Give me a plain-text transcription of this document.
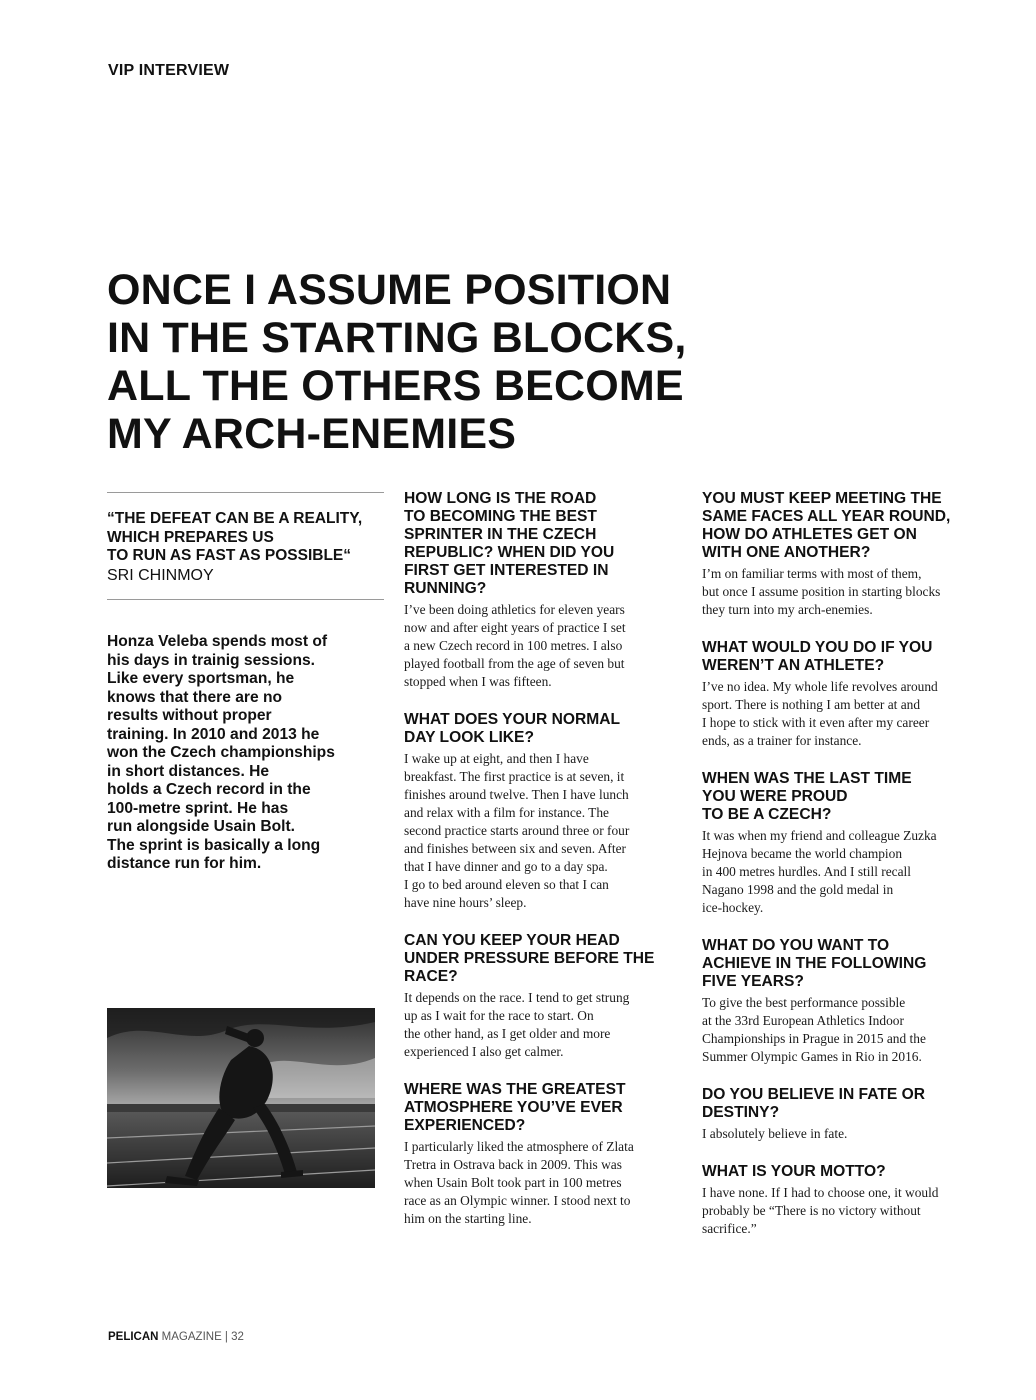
VIP INTERVIEW
ONCE I ASSUME POSITION
IN THE STARTING BLOCKS,
ALL THE OTHERS BECOME
MY ARCH-ENEMIES

“THE DEFEAT CAN BE A REALITY,
WHICH PREPARES US
TO RUN AS FAST AS POSSIBLE“

SRI CHINMOY

Honza Veleba spends most of
his days in trainig sessions.
Like every sportsman, he
knows that there are no
results without proper
training. In 2010 and 2013 he
won the Czech championships
in short distances. He
holds a Czech record in the
100-metre sprint. He has
run alongside Usain Bolt.
The sprint is basically a long
distance run for him.

HOW LONG IS THE ROAD
TO BECOMING THE BEST
SPRINTER IN THE CZECH
REPUBLIC? WHEN DID YOU
FIRST GET INTERESTED IN
RUNNING?

I’ve been doing athletics for eleven years
now and after eight years of practice I set
a new Czech record in 100 metres. I also
played football from the age of seven but
stopped when I was fifteen.

WHAT DOES YOUR NORMAL
DAY LOOK LIKE?

I wake up at eight, and then I have
breakfast. The first practice is at seven, it
finishes around twelve. Then I have lunch
and relax with a film for instance. The
second practice starts around three or four
and finishes between six and seven. After
that I have dinner and go to a day spa.
I go to bed around eleven so that I can
have nine hours’ sleep.

CAN YOU KEEP YOUR HEAD
UNDER PRESSURE BEFORE THE
RACE?

It depends on the race. I tend to get strung
up as I wait for the race to start. On
the other hand, as I get older and more
experienced I also get calmer.

WHERE WAS THE GREATEST
ATMOSPHERE YOU’VE EVER
EXPERIENCED?

I particularly liked the atmosphere of Zlata
Tretra in Ostrava back in 2009. This was
when Usain Bolt took part in 100 metres
race as an Olympic winner. I stood next to
him on the starting line.

YOU MUST KEEP MEETING THE
SAME FACES ALL YEAR ROUND,
HOW DO ATHLETES GET ON
WITH ONE ANOTHER?

I’m on familiar terms with most of them,
but once I assume position in starting blocks
they turn into my arch-enemies.

WHAT WOULD YOU DO IF YOU
WEREN’T AN ATHLETE?

I’ve no idea. My whole life revolves around
sport. There is nothing I am better at and
I hope to stick with it even after my career
ends, as a trainer for instance.

WHEN WAS THE LAST TIME
YOU WERE PROUD
TO BE A CZECH?

It was when my friend and colleague Zuzka
Hejnova became the world champion
in 400 metres hurdles. And I still recall
Nagano 1998 and the gold medal in
ice-hockey.

WHAT DO YOU WANT TO
ACHIEVE IN THE FOLLOWING
FIVE YEARS?

To give the best performance possible
at the 33rd European Athletics Indoor
Championships in Prague in 2015 and the
Summer Olympic Games in Rio in 2016.

DO YOU BELIEVE IN FATE OR
DESTINY?

I absolutely believe in fate.

WHAT IS YOUR MOTTO?

I have none. If I had to choose one, it would
probably be “There is no victory without
sacrifice.”

PELICAN MAGAZINE | 32
